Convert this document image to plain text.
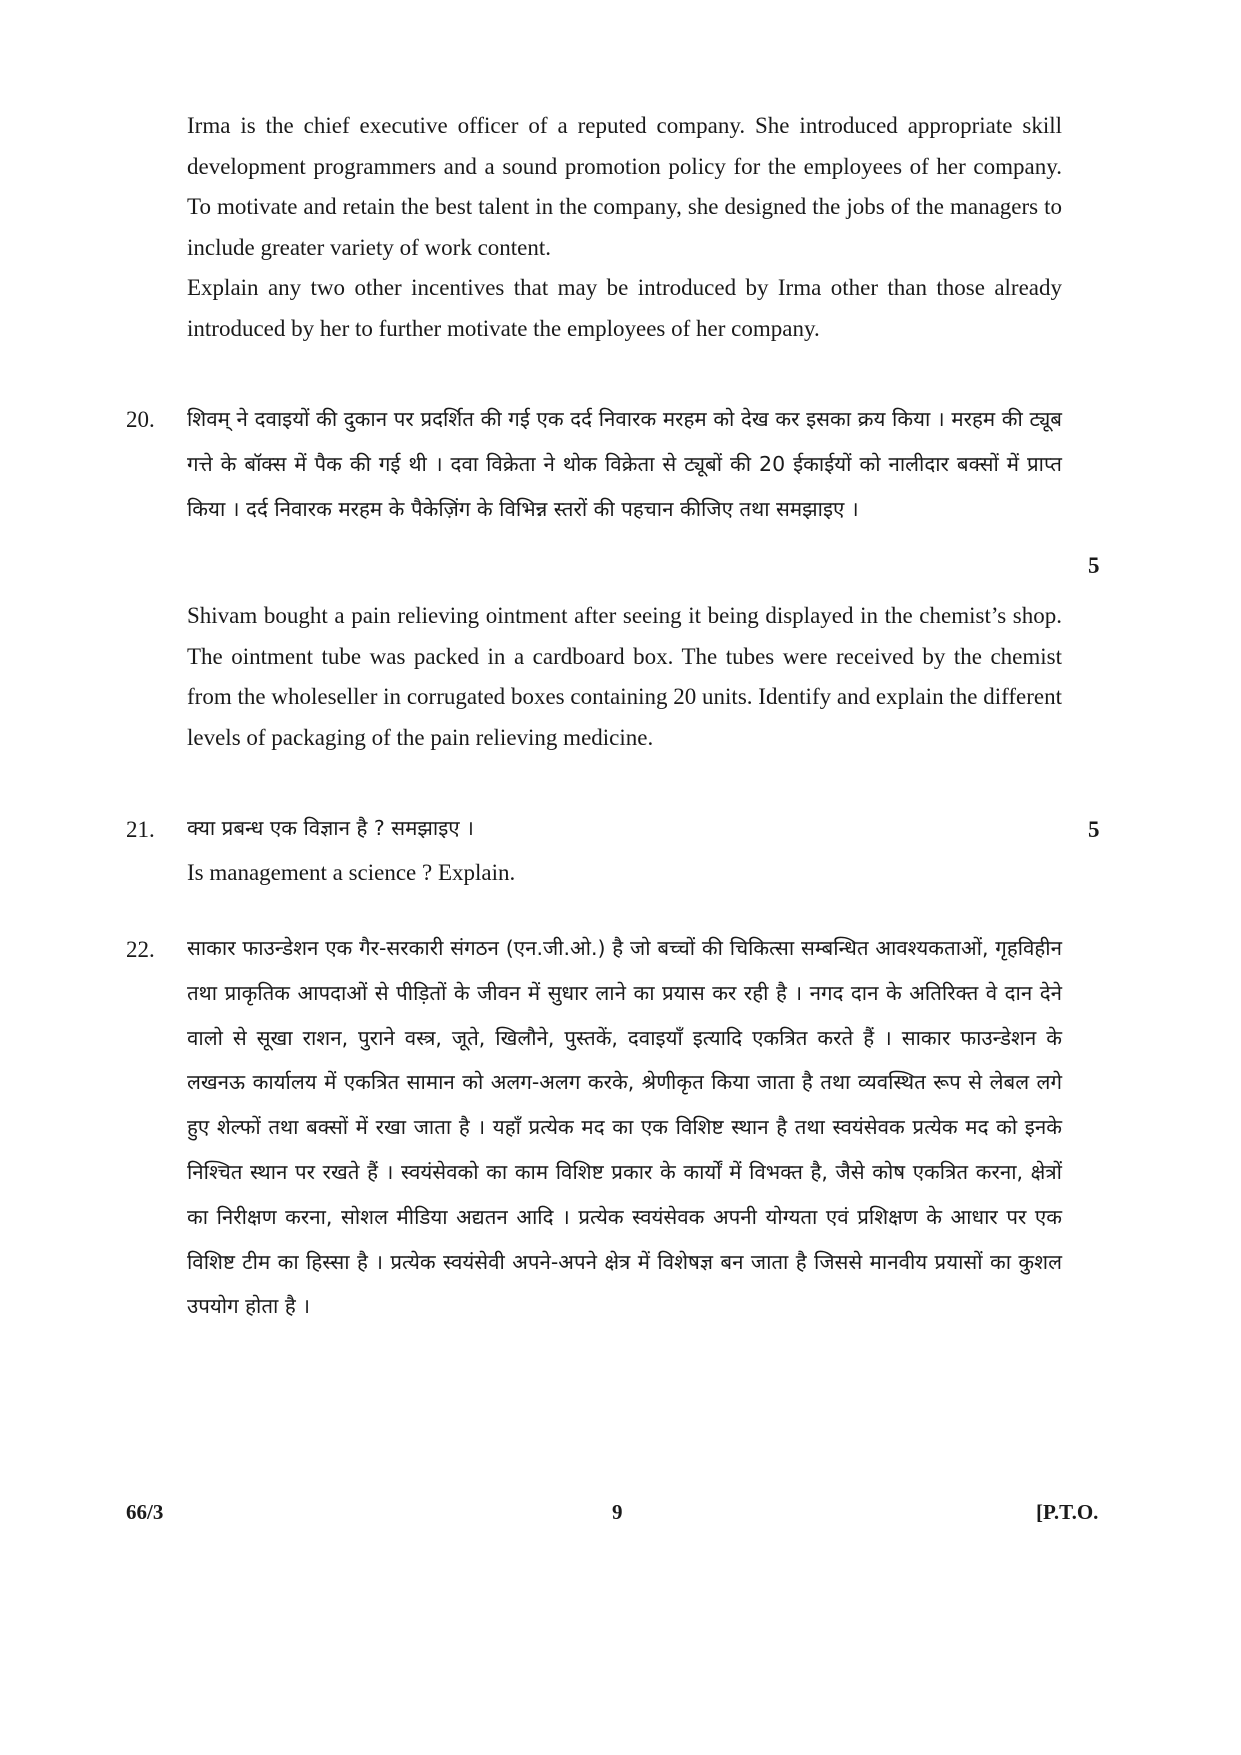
Irma is the chief executive officer of a reputed company. She introduced appropriate skill development programmers and a sound promotion policy for the employees of her company. To motivate and retain the best talent in the company, she designed the jobs of the managers to include greater variety of work content.

Explain any two other incentives that may be introduced by Irma other than those already introduced by her to further motivate the employees of her company.

20. शिवम् ने दवाइयों की दुकान पर प्रदर्शित की गई एक दर्द निवारक मरहम को देख कर इसका क्रय किया । मरहम की ट्यूब गत्ते के बॉक्स में पैक की गई थी । दवा विक्रेता ने थोक विक्रेता से ट्यूबों की 20 ईकाईयों को नालीदार बक्सों में प्राप्त किया । दर्द निवारक मरहम के पैकेज़िंग के विभिन्न स्तरों की पहचान कीजिए तथा समझाइए ।

5

Shivam bought a pain relieving ointment after seeing it being displayed in the chemist’s shop. The ointment tube was packed in a cardboard box. The tubes were received by the chemist from the wholeseller in corrugated boxes containing 20 units. Identify and explain the different levels of packaging of the pain relieving medicine.

21. क्या प्रबन्ध एक विज्ञान है ? समझाइए ।	5

Is management a science ? Explain.

22. साकार फाउन्डेशन एक गैर-सरकारी संगठन (एन.जी.ओ.) है जो बच्चों की चिकित्सा सम्बन्धित आवश्यकताओं, गृहविहीन तथा प्राकृतिक आपदाओं से पीड़ितों के जीवन में सुधार लाने का प्रयास कर रही है । नगद दान के अतिरिक्त वे दान देने वालो से सूखा राशन, पुराने वस्त्र, जूते, खिलौने, पुस्तकें, दवाइयाँ इत्यादि एकत्रित करते हैं । साकार फाउन्डेशन के लखनऊ कार्यालय में एकत्रित सामान को अलग-अलग करके, श्रेणीकृत किया जाता है तथा व्यवस्थित रूप से लेबल लगे हुए शेल्फों तथा बक्सों में रखा जाता है । यहाँ प्रत्येक मद का एक विशिष्ट स्थान है तथा स्वयंसेवक प्रत्येक मद को इनके निश्चित स्थान पर रखते हैं । स्वयंसेवको का काम विशिष्ट प्रकार के कार्यों में विभक्त है, जैसे कोष एकत्रित करना, क्षेत्रों का निरीक्षण करना, सोशल मीडिया अद्यतन आदि । प्रत्येक स्वयंसेवक अपनी योग्यता एवं प्रशिक्षण के आधार पर एक विशिष्ट टीम का हिस्सा है । प्रत्येक स्वयंसेवी अपने-अपने क्षेत्र में विशेषज्ञ बन जाता है जिससे मानवीय प्रयासों का कुशल उपयोग होता है ।

66/3	9	[P.T.O.
